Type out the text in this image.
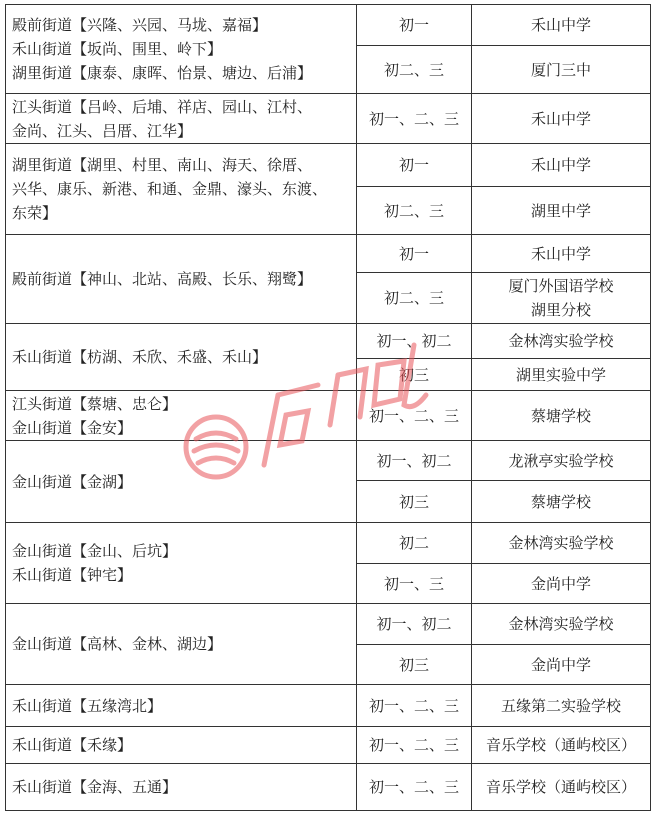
殿前街道【兴隆、兴园、马垅、嘉福】
禾山街道【坂尚、围里、岭下】
湖里街道【康泰、康晖、怡景、塘边、后浦】	初一	禾山中学

	初二、三	厦门三中

江头街道【吕岭、后埔、祥店、园山、江村、
金尚、江头、吕厝、江华】	初一、二、三	禾山中学

湖里街道【湖里、村里、南山、海天、徐厝、
兴华、康乐、新港、和通、金鼎、濠头、东渡、
东荣】	初一	禾山中学

	初二、三	湖里中学

殿前街道【神山、北站、高殿、长乐、翔鹭】	初一	禾山中学

	初二、三	厦门外国语学校
湖里分校

禾山街道【枋湖、禾欣、禾盛、禾山】	初一、初二	金林湾实验学校

	初三	湖里实验中学

江头街道【蔡塘、忠仑】
金山街道【金安】	初一、二、三	蔡塘学校

金山街道【金湖】	初一、初二	龙湫亭实验学校

	初三	蔡塘学校

金山街道【金山、后坑】
禾山街道【钟宅】	初二	金林湾实验学校

	初一、三	金尚中学

金山街道【高林、金林、湖边】	初一、初二	金林湾实验学校

	初三	金尚中学

禾山街道【五缘湾北】	初一、二、三	五缘第二实验学校

禾山街道【禾缘】	初一、二、三	音乐学校（通屿校区）

禾山街道【金海、五通】	初一、二、三	音乐学校（通屿校区）
